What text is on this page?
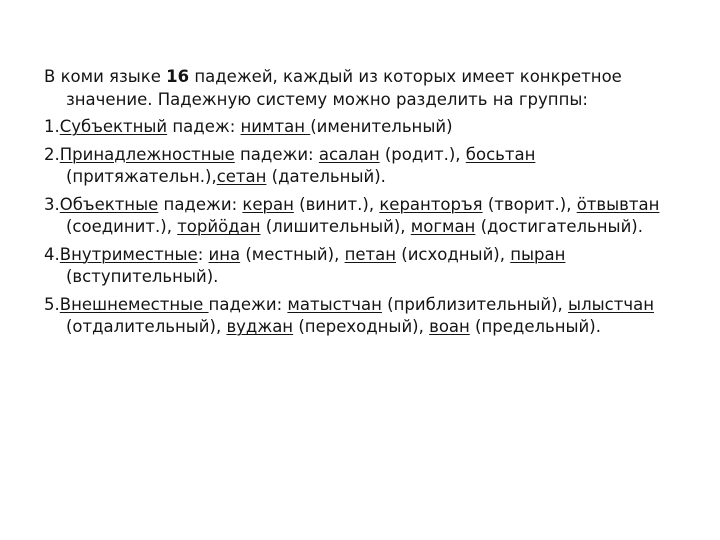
В коми языке 16 падежей, каждый из которых имеет конкретное значение. Падежную систему можно разделить на группы:

1.Субъектный падеж: нимтан (именительный)

2.Принадлежностные падежи: асалан (родит.), босьтан (притяжательн.),сетан (дательный).

3.Объектные падежи: керан (винит.), керанторъя (творит.), ӧтвывтан (соединит.), торйӧдан (лишительный), могман (достигательный).

4.Внутриместные: ина (местный), петан (исходный), пыран (вступительный).

5.Внешнеместные падежи: матыстчан (приблизительный), ылыстчан (отдалительный), вуджан (переходный), воан (предельный).
